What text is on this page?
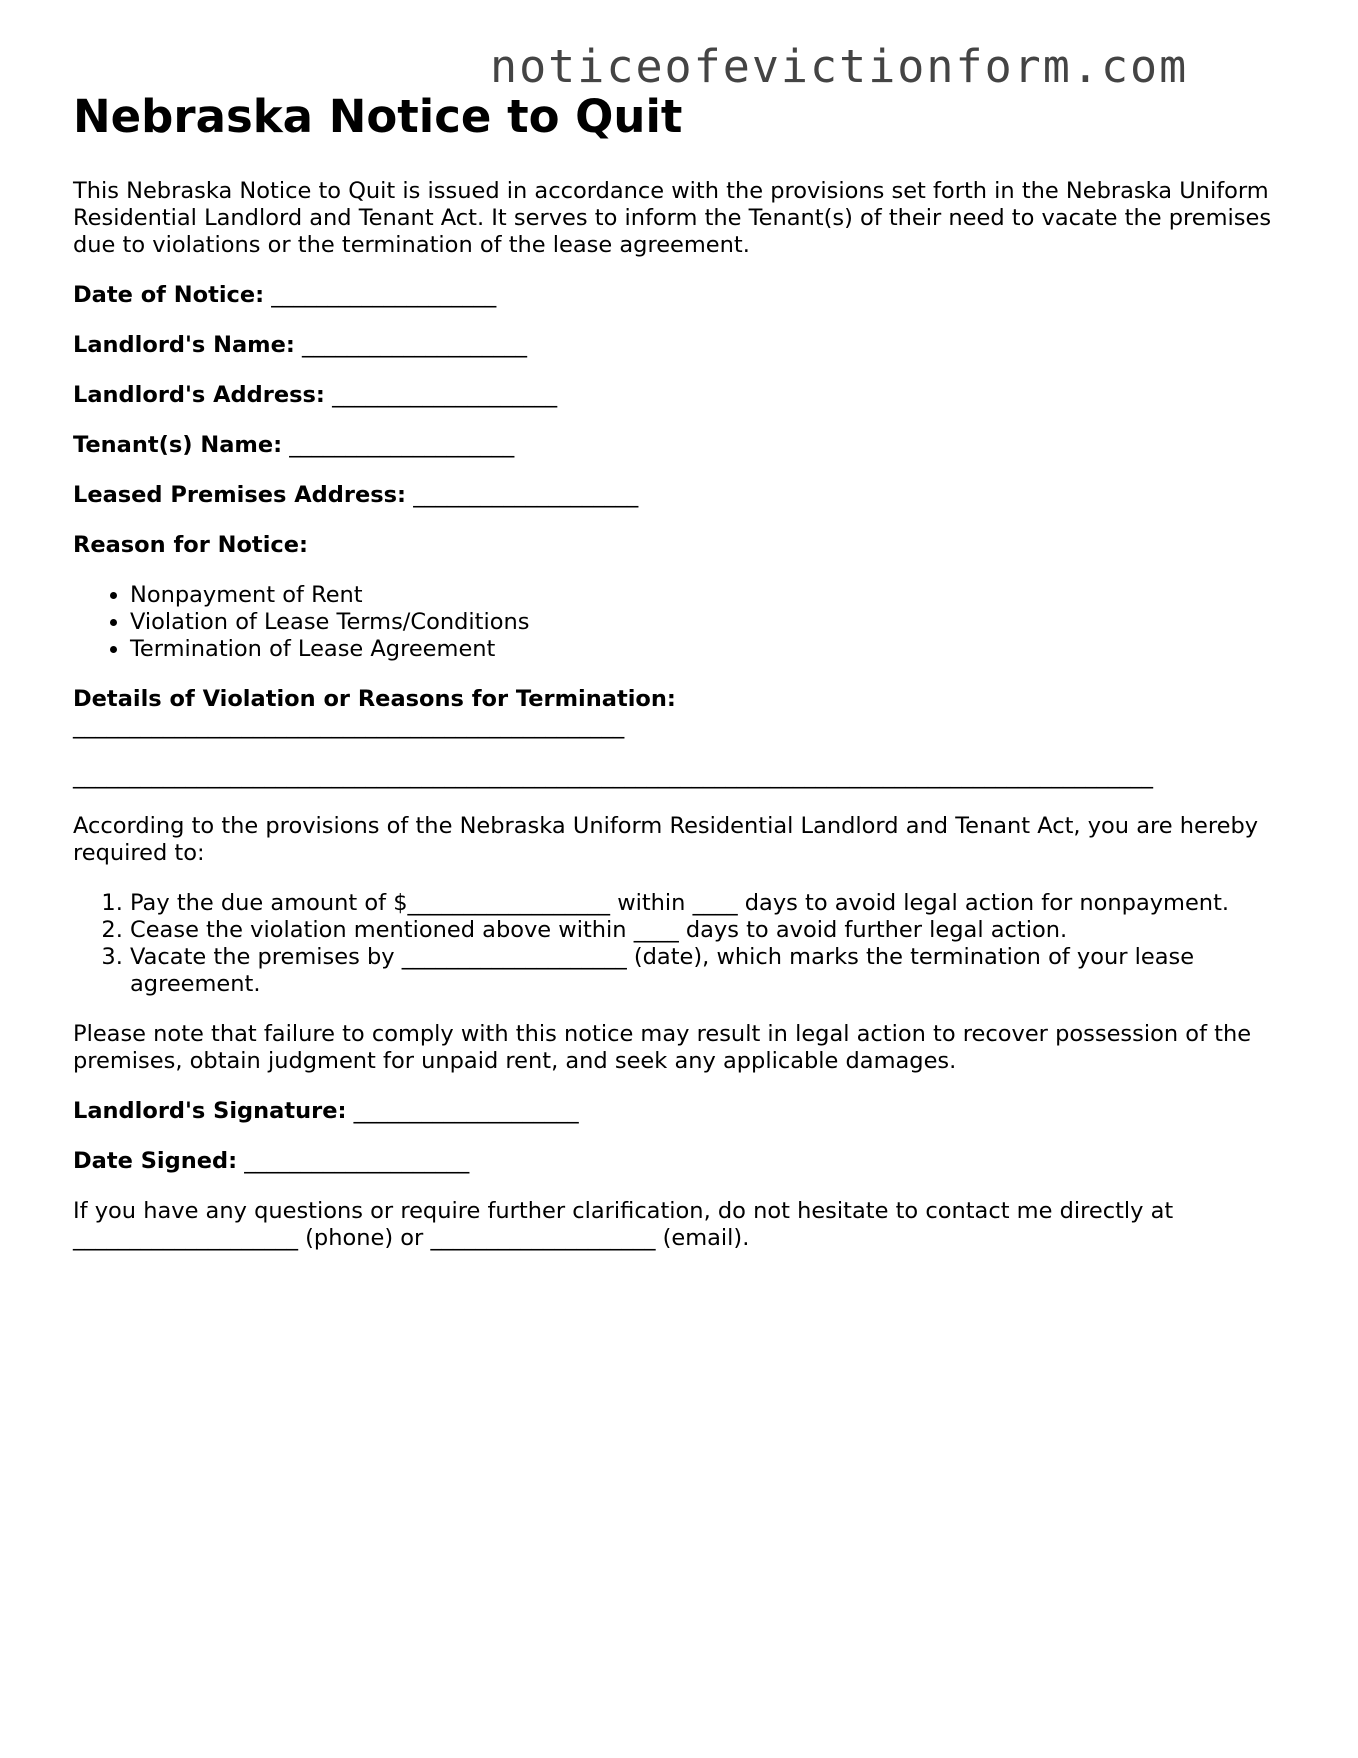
noticeofevictionform.com
Nebraska Notice to Quit

This Nebraska Notice to Quit is issued in accordance with the provisions set forth in the Nebraska Uniform Residential Landlord and Tenant Act. It serves to inform the Tenant(s) of their need to vacate the premises due to violations or the termination of the lease agreement.

Date of Notice: ____________________

Landlord's Name: ____________________

Landlord's Address: ____________________

Tenant(s) Name: ____________________

Leased Premises Address: ____________________

Reason for Notice:

• Nonpayment of Rent
• Violation of Lease Terms/Conditions
• Termination of Lease Agreement

Details of Violation or Reasons for Termination:
_________________________________________________

________________________________________________________________________________________________

According to the provisions of the Nebraska Uniform Residential Landlord and Tenant Act, you are hereby required to:

1. Pay the due amount of $__________________ within ____ days to avoid legal action for nonpayment.
2. Cease the violation mentioned above within ____ days to avoid further legal action.
3. Vacate the premises by ____________________ (date), which marks the termination of your lease agreement.

Please note that failure to comply with this notice may result in legal action to recover possession of the premises, obtain judgment for unpaid rent, and seek any applicable damages.

Landlord's Signature: ____________________

Date Signed: ____________________

If you have any questions or require further clarification, do not hesitate to contact me directly at ____________________ (phone) or ____________________ (email).
